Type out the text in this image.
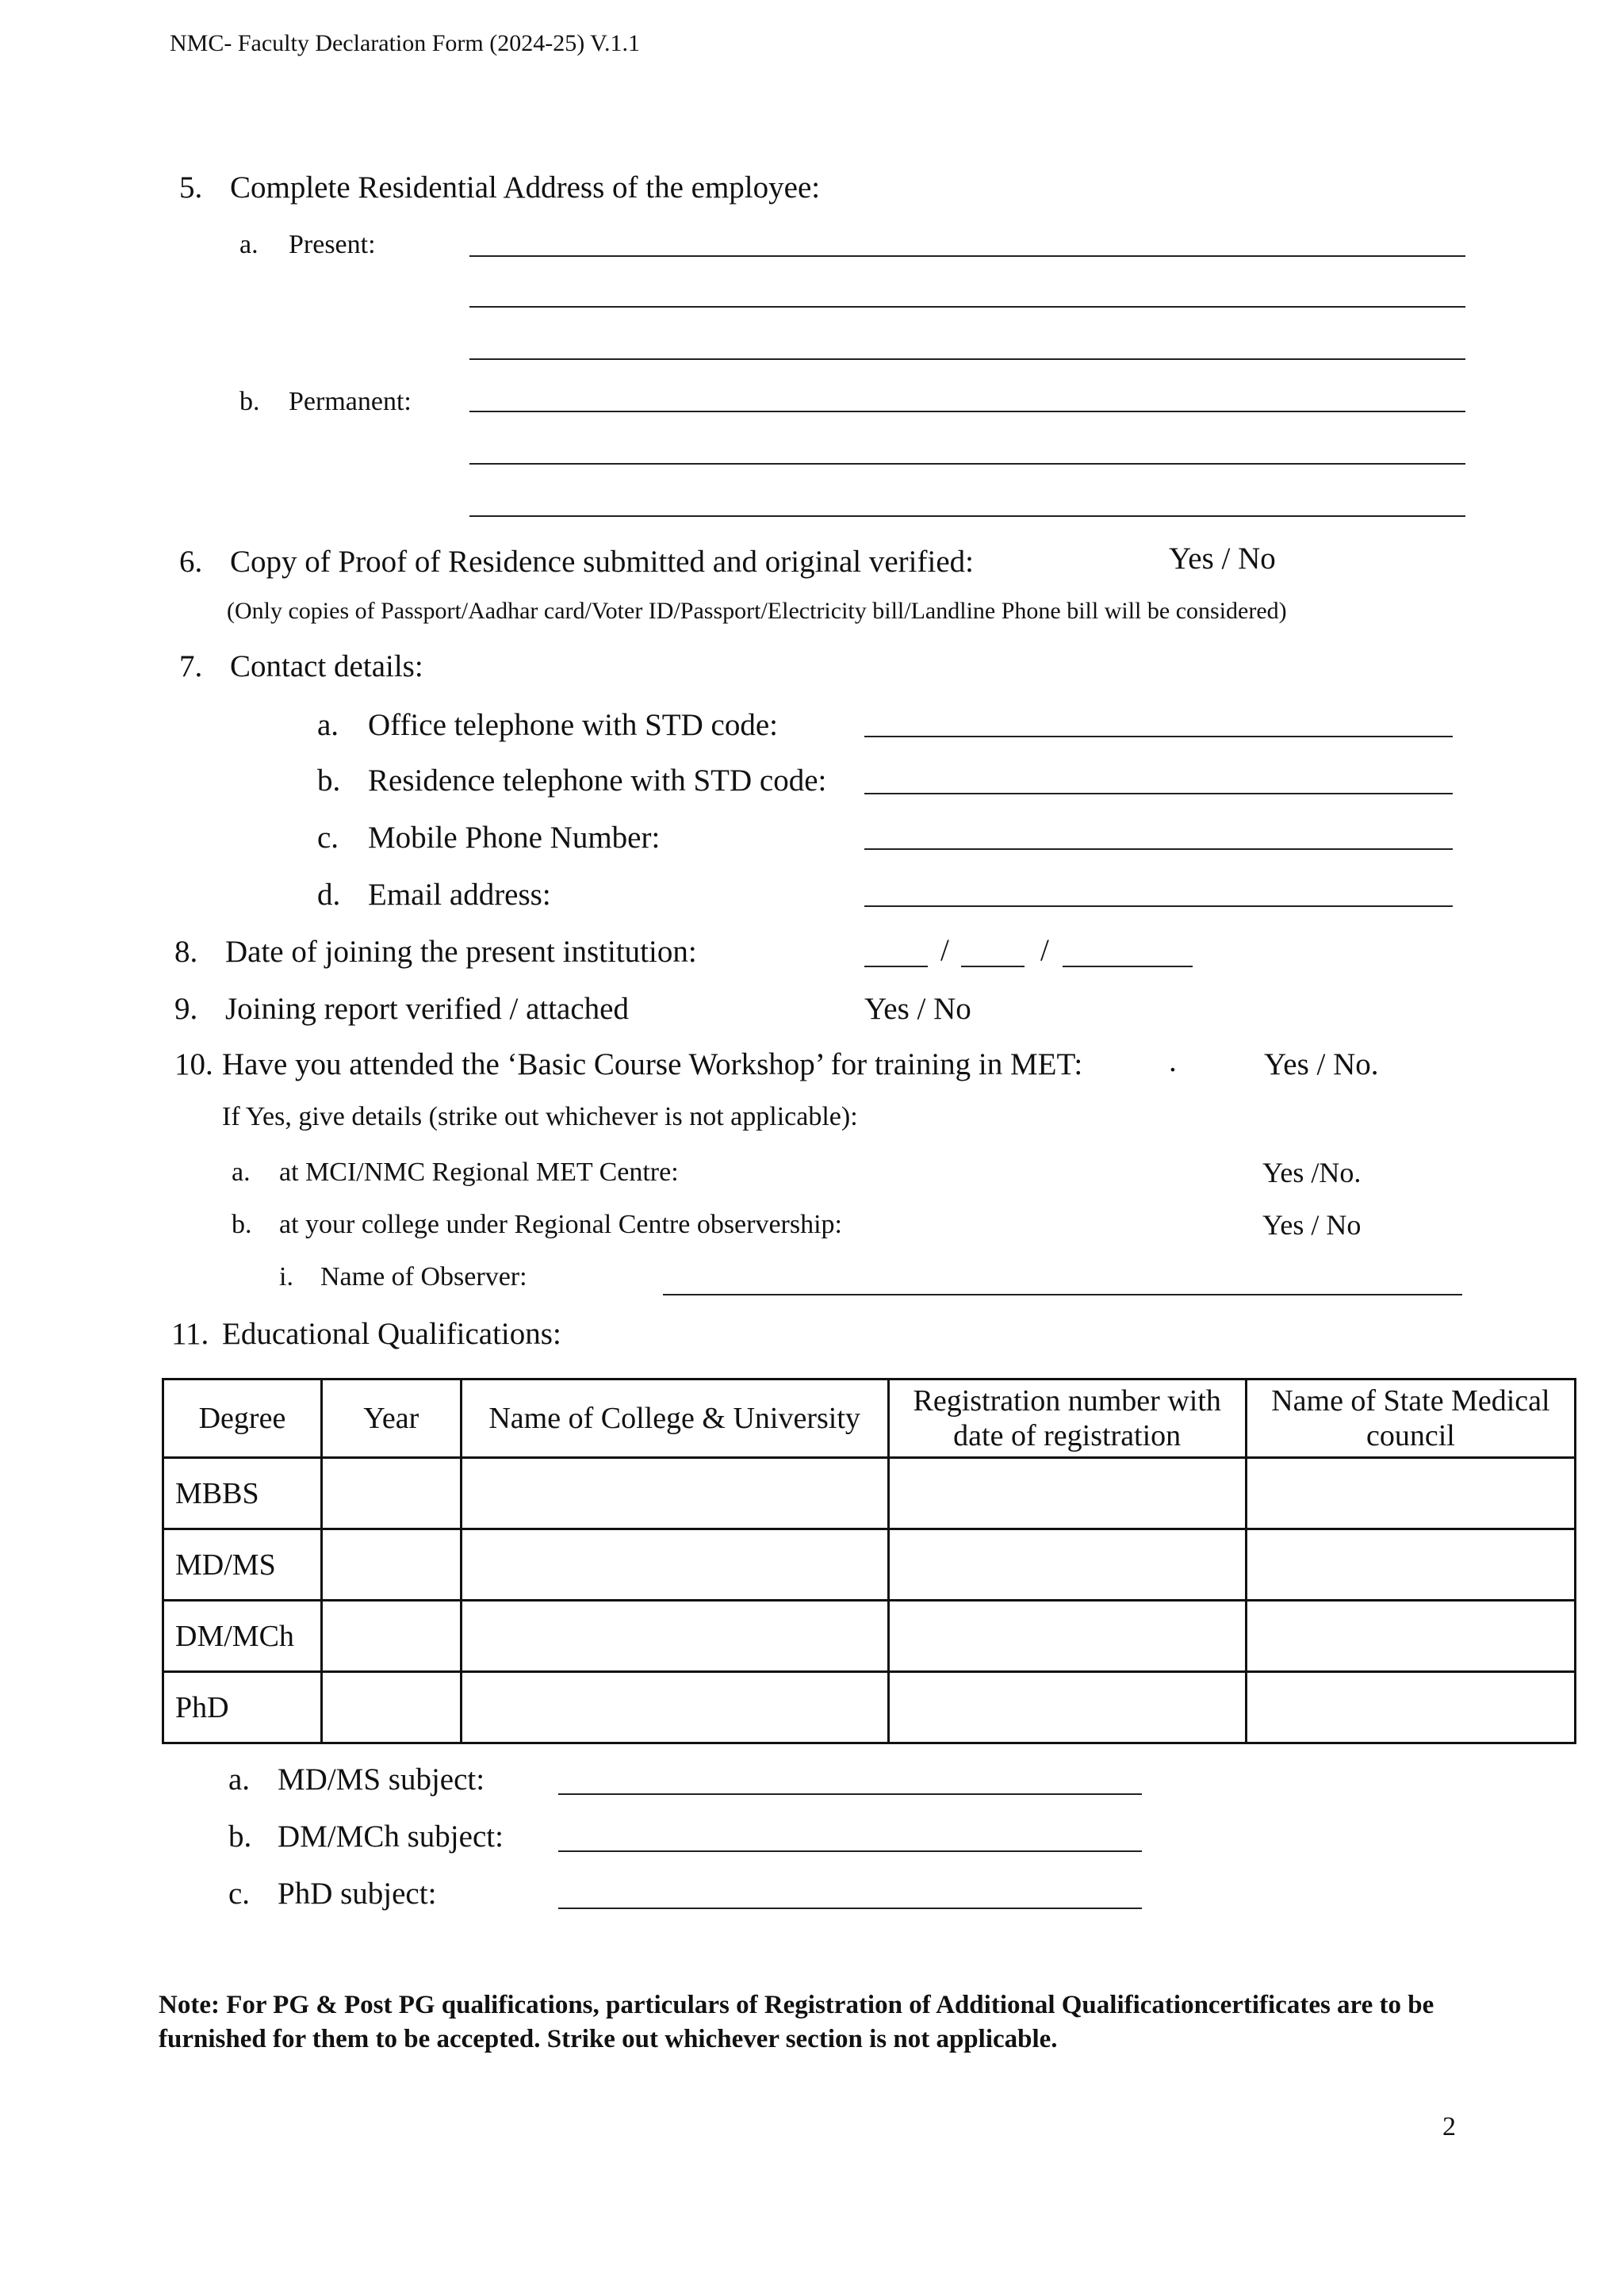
NMC- Faculty Declaration Form (2024-25) V.1.1
5. Complete Residential Address of the employee:
a. Present:
b. Permanent:
6. Copy of Proof of Residence submitted and original verified:	Yes / No
(Only copies of Passport/Aadhar card/Voter ID/Passport/Electricity bill/Landline Phone bill will be considered)
7. Contact details:
a. Office telephone with STD code:
b. Residence telephone with STD code:
c. Mobile Phone Number:
d. Email address:
8. Date of joining the present institution:	/	/
9. Joining report verified / attached	Yes / No
10. Have you attended the ‘Basic Course Workshop’ for training in MET:	.	Yes / No.
If Yes, give details (strike out whichever is not applicable):
a. at MCI/NMC Regional MET Centre:	Yes /No.
b. at your college under Regional Centre observership:	Yes / No
i. Name of Observer:
11. Educational Qualifications:
Degree	Year	Name of College & University	Registration number with date of registration	Name of State Medical council
MBBS				
MD/MS				
DM/MCh				
PhD				
a. MD/MS subject:
b. DM/MCh subject:
c. PhD subject:
Note: For PG & Post PG qualifications, particulars of Registration of Additional Qualificationcertificates are to be furnished for them to be accepted. Strike out whichever section is not applicable.
2
